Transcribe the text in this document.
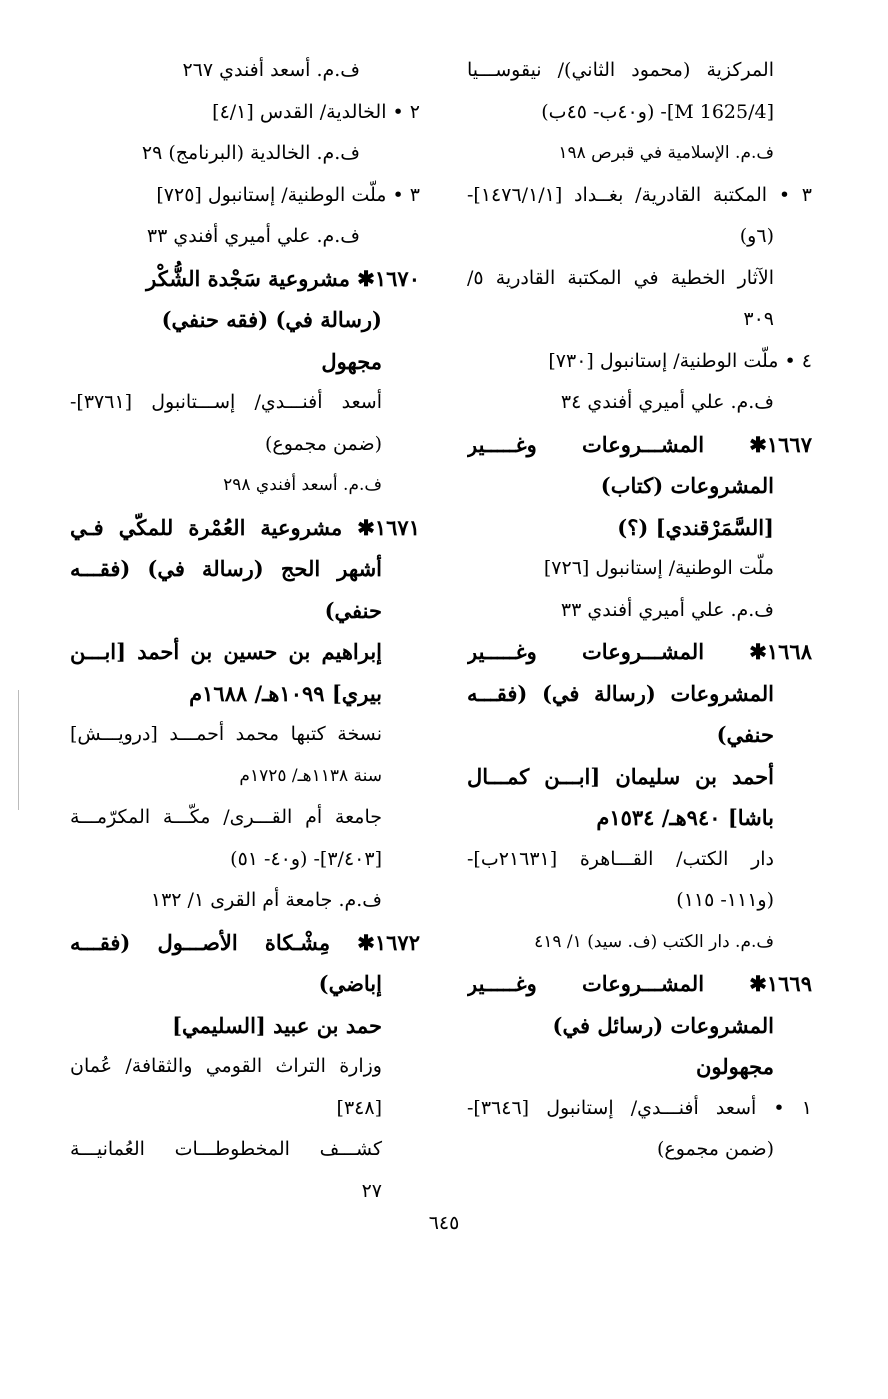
المركزية (محمود الثاني)/ نيقوســـيا
[M 1625/4]- (و٤٠ب- ٤٥ب)
ف.م. الإسلامية في قبرص ١٩٨
٣ • المكتبة القادرية/ بغــداد [١٤٧٦/١/١]-
(٦و)
الآثار الخطية في المكتبة القادرية ٥/
٣٠٩
٤ • ملّت الوطنية/ إستانبول [٧٣٠]
ف.م. علي أميري أفندي ٣٤
١٦٦٧✱ المشـــروعات وغـــــير
المشروعات (كتاب)
[السَّمَرْقندي] (؟)
ملّت الوطنية/ إستانبول [٧٢٦]
ف.م. علي أميري أفندي ٣٣
١٦٦٨✱ المشـــروعات وغـــــير
المشروعات (رسالة في) (فقـــه
حنفي)
أحمد بن سليمان [ابـــن كمـــال
باشا] ٩٤٠هـ/ ١٥٣٤م
دار الكتب/ القـــاهرة [٢١٦٣١ب]-
(و١١١- ١١٥)
ف.م. دار الكتب (ف. سيد) ١/ ٤١٩
١٦٦٩✱ المشـــروعات وغـــــير
المشروعات (رسائل في)
مجهولون
١ • أسعد أفنـــدي/ إستانبول [٣٦٤٦]-
(ضمن مجموع)
ف.م. أسعد أفندي ٢٦٧
٢ • الخالدية/ القدس [٤/١]
ف.م. الخالدية (البرنامج) ٢٩
٣ • ملّت الوطنية/ إستانبول [٧٢٥]
ف.م. علي أميري أفندي ٣٣
١٦٧٠✱ مشروعية سَجْدة الشُّكْر
(رسالة في) (فقه حنفي)
مجهول
أسعد أفنـــدي/ إســـتانبول [٣٧٦١]-
(ضمن مجموع)
ف.م. أسعد أفندي ٢٩٨
١٦٧١✱ مشروعية العُمْرة للمكّي فـي
أشهر الحج (رسالة في) (فقـــه
حنفي)
إبراهيم بن حسين بن أحمد [ابـــن
بيري] ١٠٩٩هـ/ ١٦٨٨م
نسخة كتبها محمد أحمـــد [درويـــش]
سنة ١١٣٨هـ/ ١٧٢٥م
جامعة أم القـــرى/ مكّـــة المكرّمـــة
[٣/٤٠٣]- (و٤٠- ٥١)
ف.م. جامعة أم القرى ١/ ١٣٢
١٦٧٢✱ مِشْـكاة الأصـــول (فقـــه
إباضي)
حمد بن عبيد [السليمي]
وزارة التراث القومي والثقافة/ عُمان
[٣٤٨]
كشـــف المخطوطـــات العُمانيـــة
٢٧
٦٤٥
